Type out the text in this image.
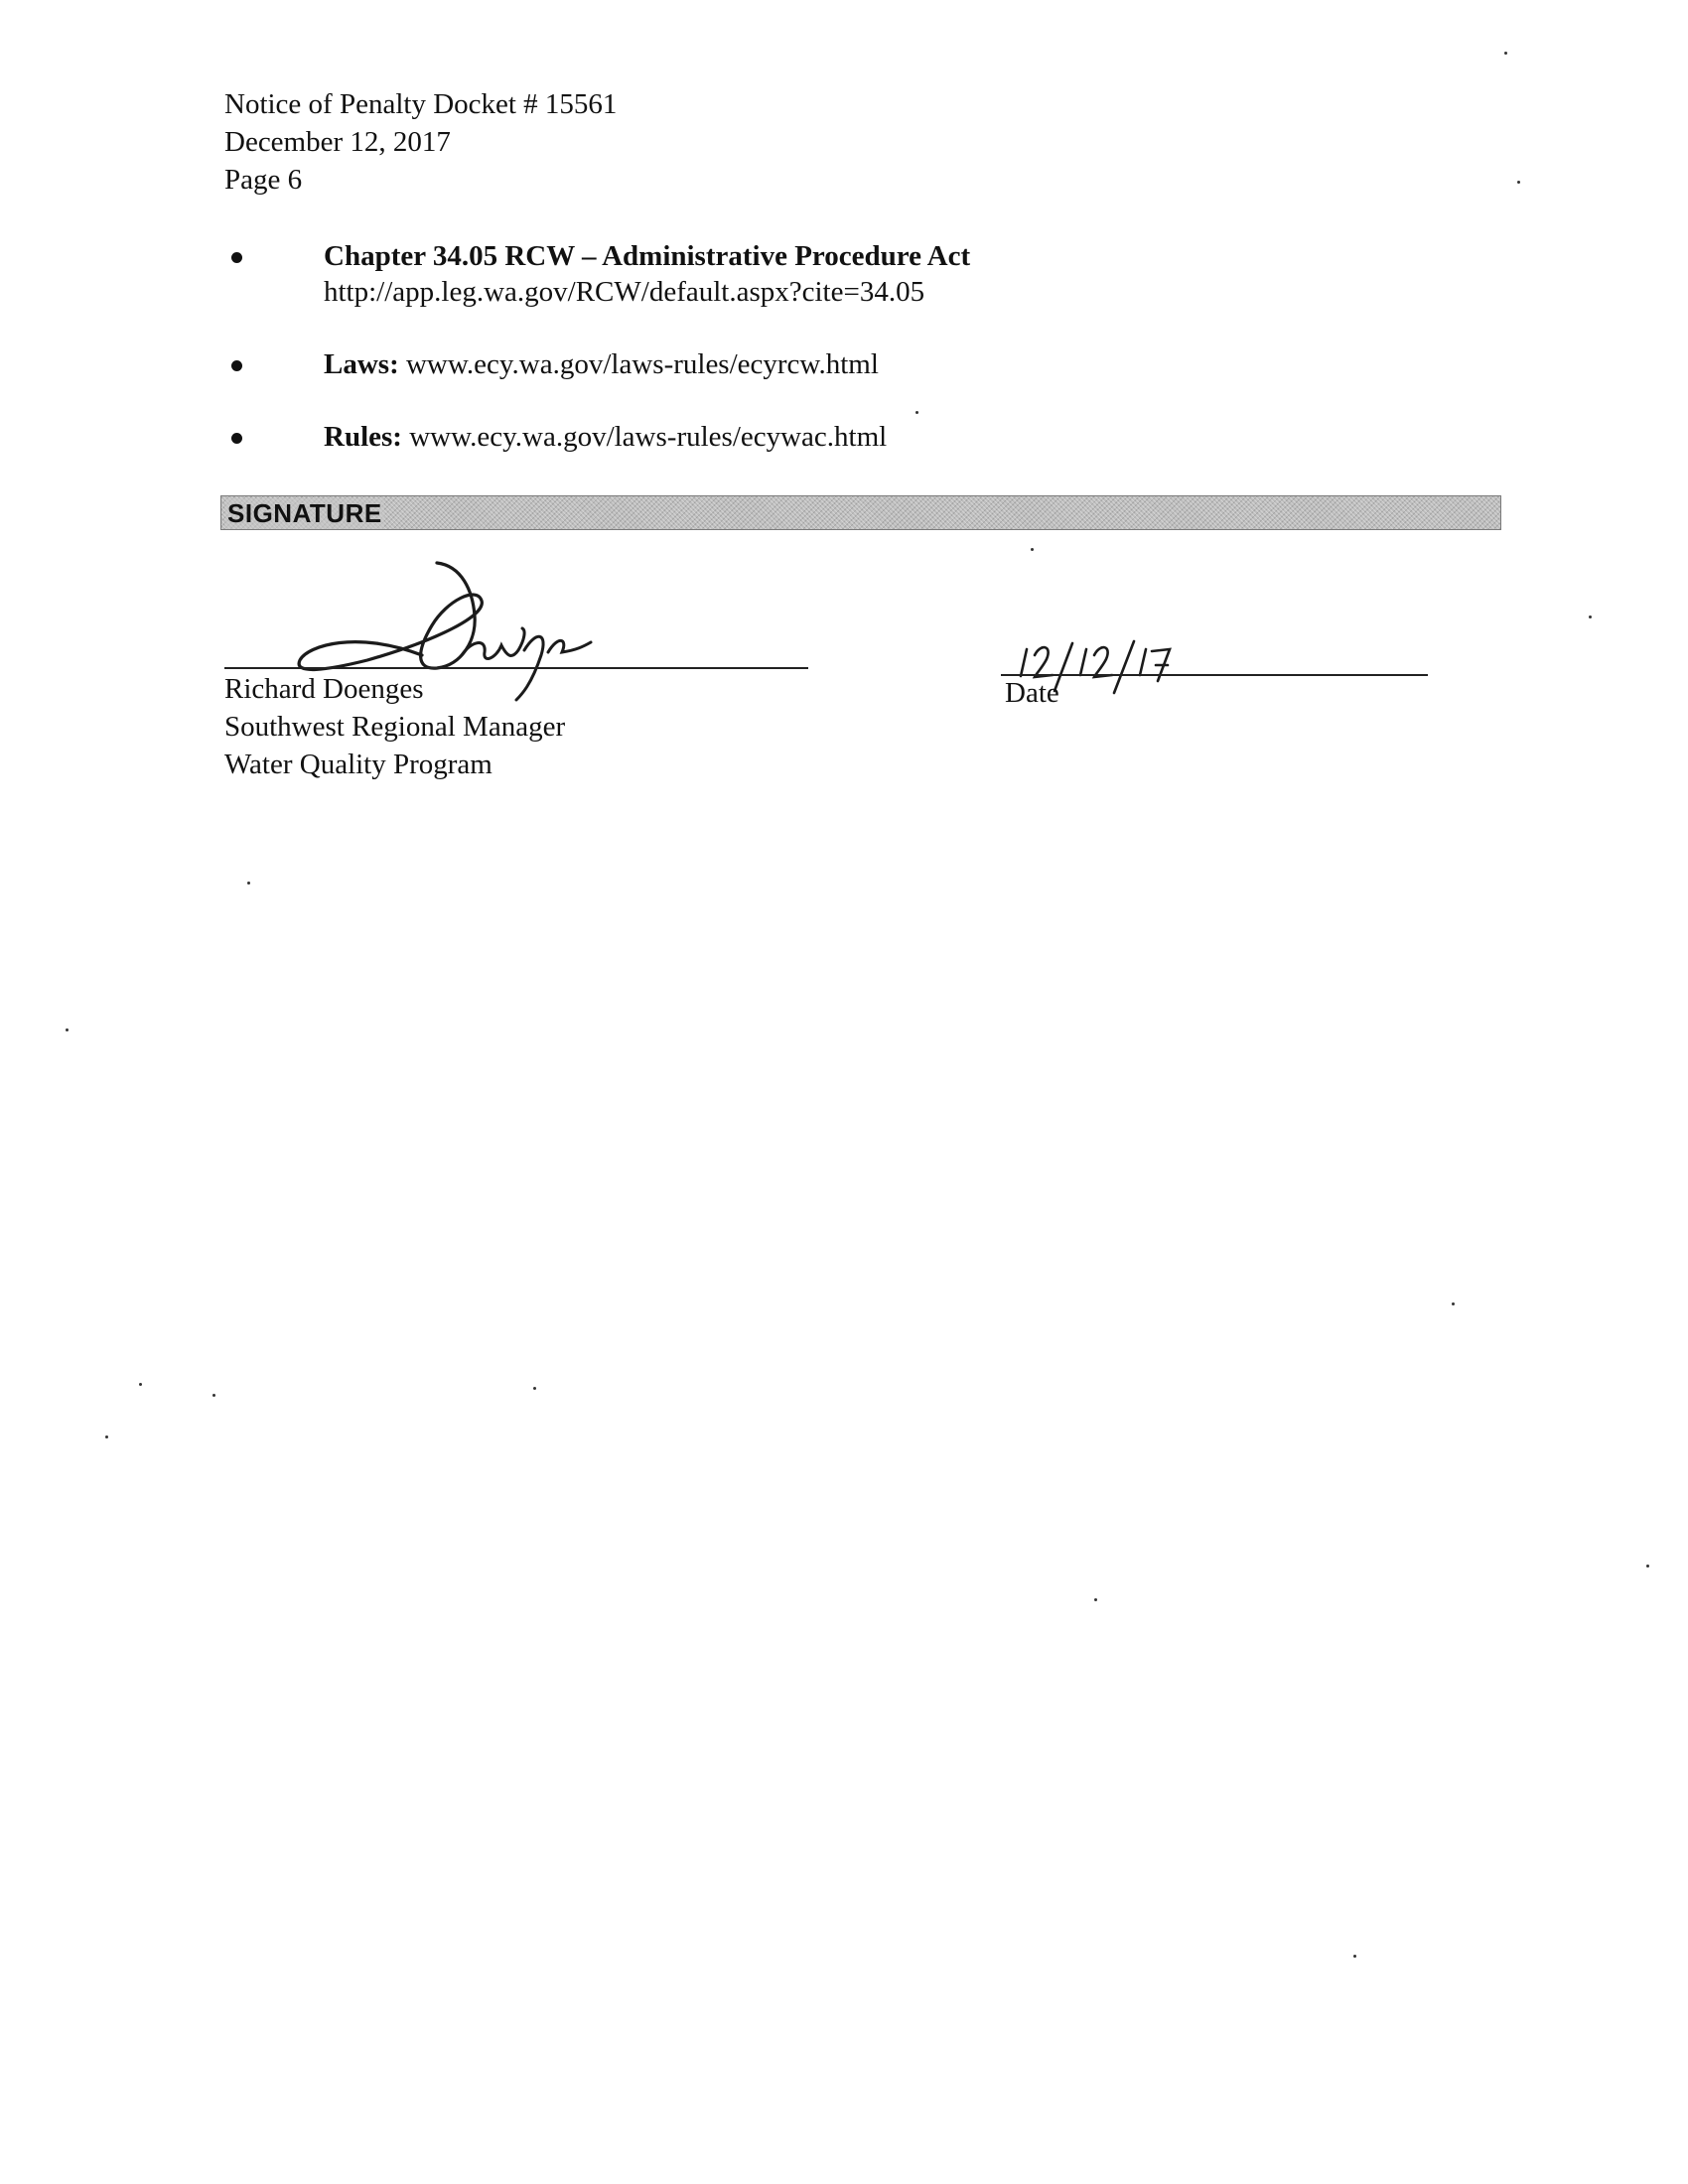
Notice of Penalty Docket # 15561
December 12, 2017
Page 6
Chapter 34.05 RCW – Administrative Procedure Act
http://app.leg.wa.gov/RCW/default.aspx?cite=34.05
Laws: www.ecy.wa.gov/laws-rules/ecyrcw.html
Rules: www.ecy.wa.gov/laws-rules/ecywac.html
SIGNATURE
Richard Doenges
Southwest Regional Manager
Water Quality Program
Date
